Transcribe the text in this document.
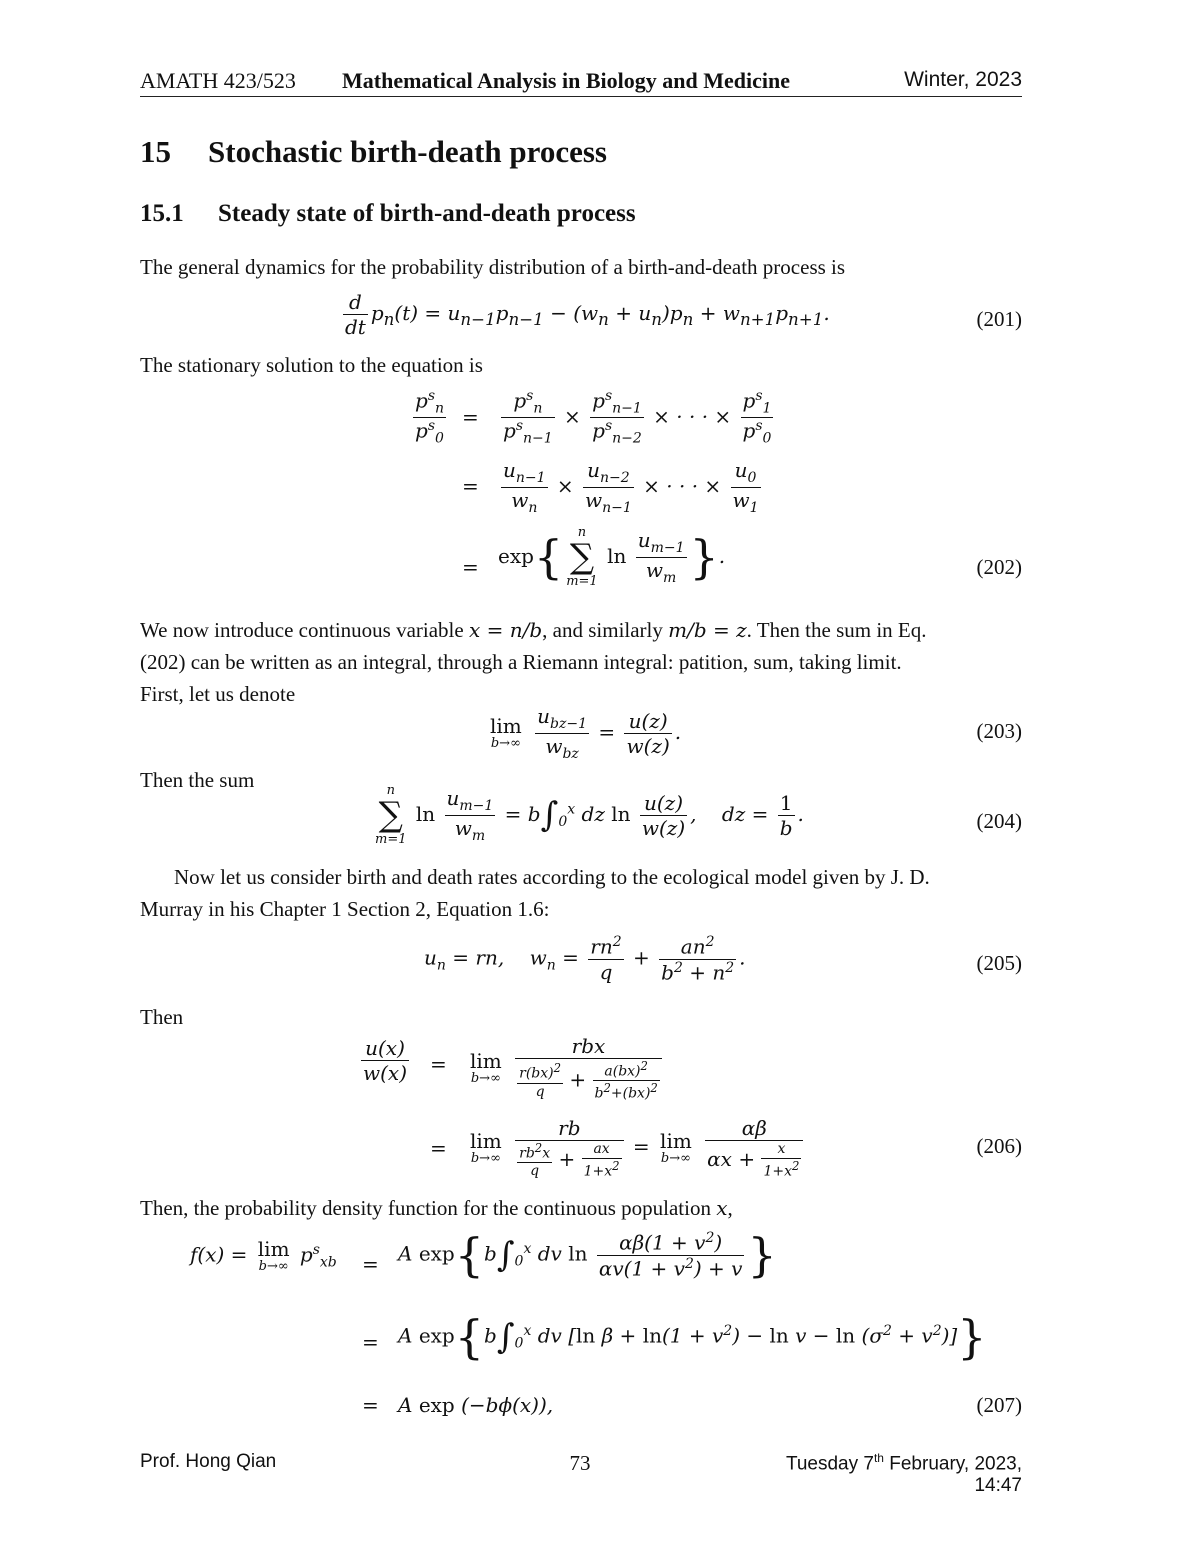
AMATH 423/523 Mathematical Analysis in Biology and Medicine	Winter, 2023
15 Stochastic birth-death process
15.1 Steady state of birth-and-death process
The general dynamics for the probability distribution of a birth-and-death process is
$\frac{d}{dt} p_n(t) = u_{n-1}p_{n-1} - (w_n + u_n)p_n + w_{n+1}p_{n+1}$.	(201)
The stationary solution to the equation is
$\frac{p^s_n}{p^s_0} = \frac{p^s_n}{p^s_{n-1}} \times \frac{p^s_{n-1}}{p^s_{n-2}}$ × · · · × $\frac{p^s_1}{p^s_0}$
= $\frac{u_{n-1}}{w_n} \times \frac{u_{n-2}}{w_{n-1}}$ × · · · × $\frac{u_0}{w_1}$
= exp{	n
∑
m=1
$\ln \frac{u_{m-1}}{w_m}$ }.	(202)
We now introduce continuous variable x = n/b, and similarly m/b = z. Then the sum in Eq.
(202) can be written as an integral, through a Riemann integral: patition, sum, taking limit.
First, let us denote
lim
b→∞
$\frac{u_{bz-1}}{w_{bz}} = \frac{u(z)}{w(z)}$ .	(203)
Then the sum	n
∑
m=1
$\ln \frac{u_{m-1}}{w_m} = b\int_0^x$ dz $\ln \frac{u(z)}{w(z)}$ ,    dz = $\frac{1}{b}$ .	(204)
Now let us consider birth and death rates according to the ecological model given by J. D.
Murray in his Chapter 1 Section 2, Equation 1.6:
$u_n$ = rn,    $w_n = \frac{rn^2}{q} + \frac{an^2}{b^2 + n^2}$ .	(205)
Then
$\frac{u(x)}{w(x)} = \lim$
b→∞
$\frac{\text{rbx}}{\frac{r(bx)^2}{q} + \frac{a(bx)^2}{b^2+(bx)^2}}$
= lim
b→∞
$\frac{rb}{\frac{rb^2x}{q} + \frac{ax}{1+x^2}} = \lim$
b→∞
$\frac{\alpha\beta}{\alpha x + \frac{x}{1+x^2}}$	(206)
Then, the probability density function for the continuous population x,
f(x) = lim
b→∞ $p^s_{xb} = A$ $\exp\{b\int_0^x$ dv $\ln \frac{\alpha\beta(1 + v^2)}{\alpha v(1 + v^2) + v}$ }
= A $\exp\{b\int_0^x$ dv [ln $\beta + \ln(1 + v^2) - \ln v - \ln (\sigma^2 + v^2)$]}
= A exp (−bϕ(x)),	(207)
Prof. Hong Qian	73	Tuesday 7th February, 2023, 14:47
